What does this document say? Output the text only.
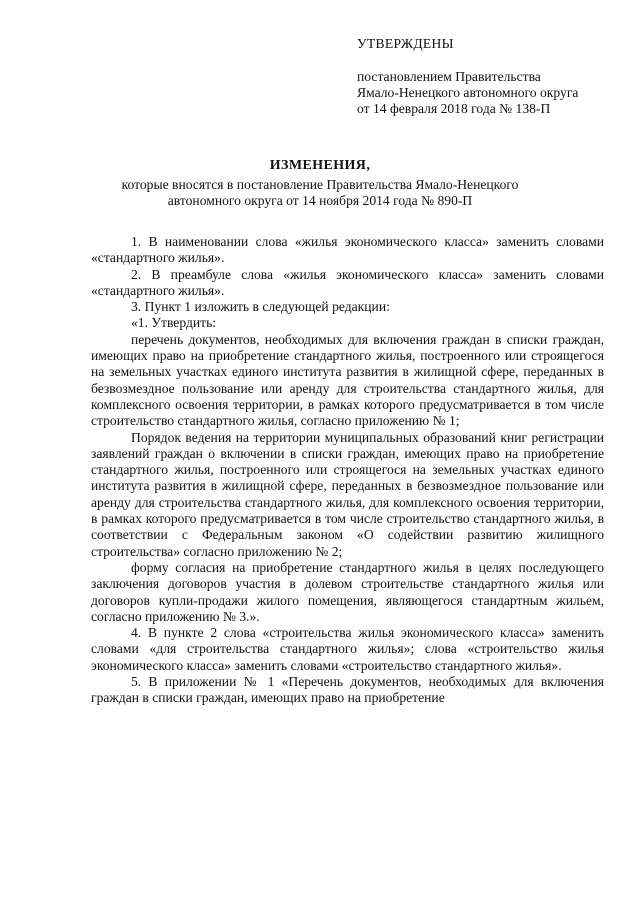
УТВЕРЖДЕНЫ
постановлением Правительства
Ямало-Ненецкого автономного округа
от 14 февраля 2018 года № 138-П
ИЗМЕНЕНИЯ,
которые вносятся в постановление Правительства Ямало-Ненецкого
автономного округа от 14 ноября 2014 года № 890-П

1. В наименовании слова «жилья экономического класса» заменить словами «стандартного жилья».

2. В преамбуле слова «жилья экономического класса» заменить словами «стандартного жилья».

3. Пункт 1 изложить в следующей редакции:

«1. Утвердить:

перечень документов, необходимых для включения граждан в списки граждан, имеющих право на приобретение стандартного жилья, построенного или строящегося на земельных участках единого института развития в жилищной сфере, переданных в безвозмездное пользование или аренду для строительства стандартного жилья, для комплексного освоения территории, в рамках которого предусматривается в том числе строительство стандартного жилья, согласно приложению № 1;

Порядок ведения на территории муниципальных образований книг регистрации заявлений граждан о включении в списки граждан, имеющих право на приобретение стандартного жилья, построенного или строящегося на земельных участках единого института развития в жилищной сфере, переданных в безвозмездное пользование или аренду для строительства стандартного жилья, для комплексного освоения территории, в рамках которого предусматривается в том числе строительство стандартного жилья, в соответствии с Федеральным законом «О содействии развитию жилищного строительства» согласно приложению № 2;

форму согласия на приобретение стандартного жилья в целях последующего заключения договоров участия в долевом строительстве стандартного жилья или договоров купли-продажи жилого помещения, являющегося стандартным жильем, согласно приложению № 3.».

4. В пункте 2 слова «строительства жилья экономического класса» заменить словами «для строительства стандартного жилья»; слова «строительство жилья экономического класса» заменить словами «строительство стандартного жилья».

5. В приложении № 1 «Перечень документов, необходимых для включения граждан в списки граждан, имеющих право на приобретение
